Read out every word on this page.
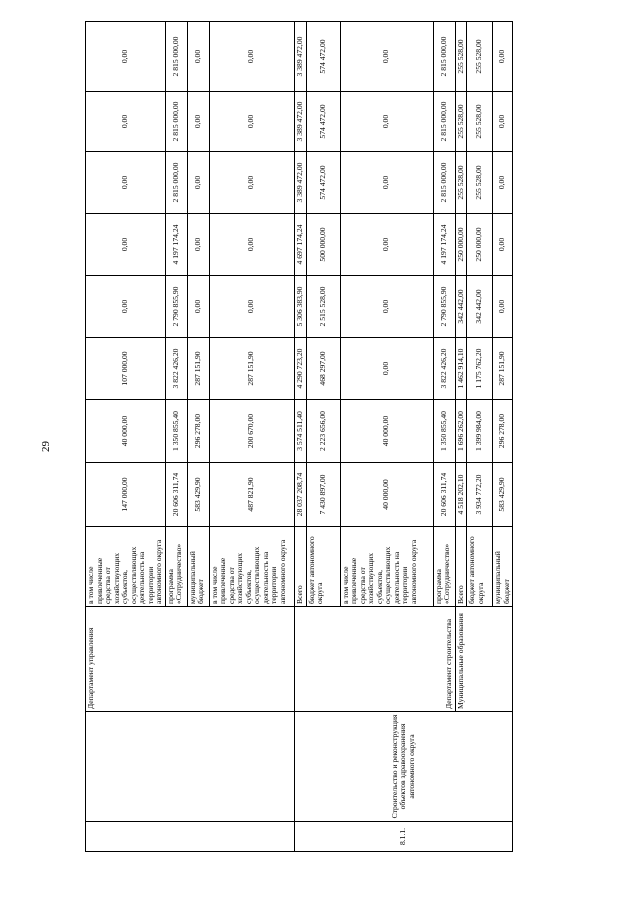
29
		Департамент управления	в том числе привлеченные средства от хозяйствующих субъектов, осуществляющих деятельность на территории автономного округа	147 000,00	40 000,00	107 000,00	0,00	0,00	0,00	0,00	0,00
			программа «Сотрудничество»	20 606 311,74	1 350 855,40	3 822 426,20	2 790 855,90	4 197 174,24	2 815 000,00	2 815 000,00	2 815 000,00
			муниципальный бюджет	583 429,90	296 278,00	287 151,90	0,00	0,00	0,00	0,00	0,00
			в том числе привлеченные средства от хозяйствующих субъектов, осуществляющих деятельность на территории автономного округа	487 821,90	200 670,00	287 151,90	0,00	0,00	0,00	0,00	0,00
8.1.1.	Строительство и реконструкция объектов здравоохранения автономного округа	Департамент строительства	Всего	28 037 208,74	3 574 511,40	4 290 723,20	5 306 383,90	4 697 174,24	3 389 472,00	3 389 472,00	3 389 472,00
			бюджет автономного округа	7 430 897,00	2 223 656,00	468 297,00	2 515 528,00	500 000,00	574 472,00	574 472,00	574 472,00
			в том числе привлеченные средства от хозяйствующих субъектов, осуществляющих деятельность на территории автономного округа	40 000,00	40 000,00	0,00	0,00	0,00	0,00	0,00	0,00
			программа «Сотрудничество»	20 606 311,74	1 350 855,40	3 822 426,20	2 790 855,90	4 197 174,24	2 815 000,00	2 815 000,00	2 815 000,00
		Муниципальные образования	Всего	4 518 202,10	1 696 262,00	1 462 914,10	342 442,00	250 000,00	255 528,00	255 528,00	255 528,00
			бюджет автономного округа	3 934 772,20	1 399 984,00	1 175 762,20	342 442,00	250 000,00	255 528,00	255 528,00	255 528,00
			муниципальный бюджет	583 429,90	296 278,00	287 151,90	0,00	0,00	0,00	0,00	0,00
